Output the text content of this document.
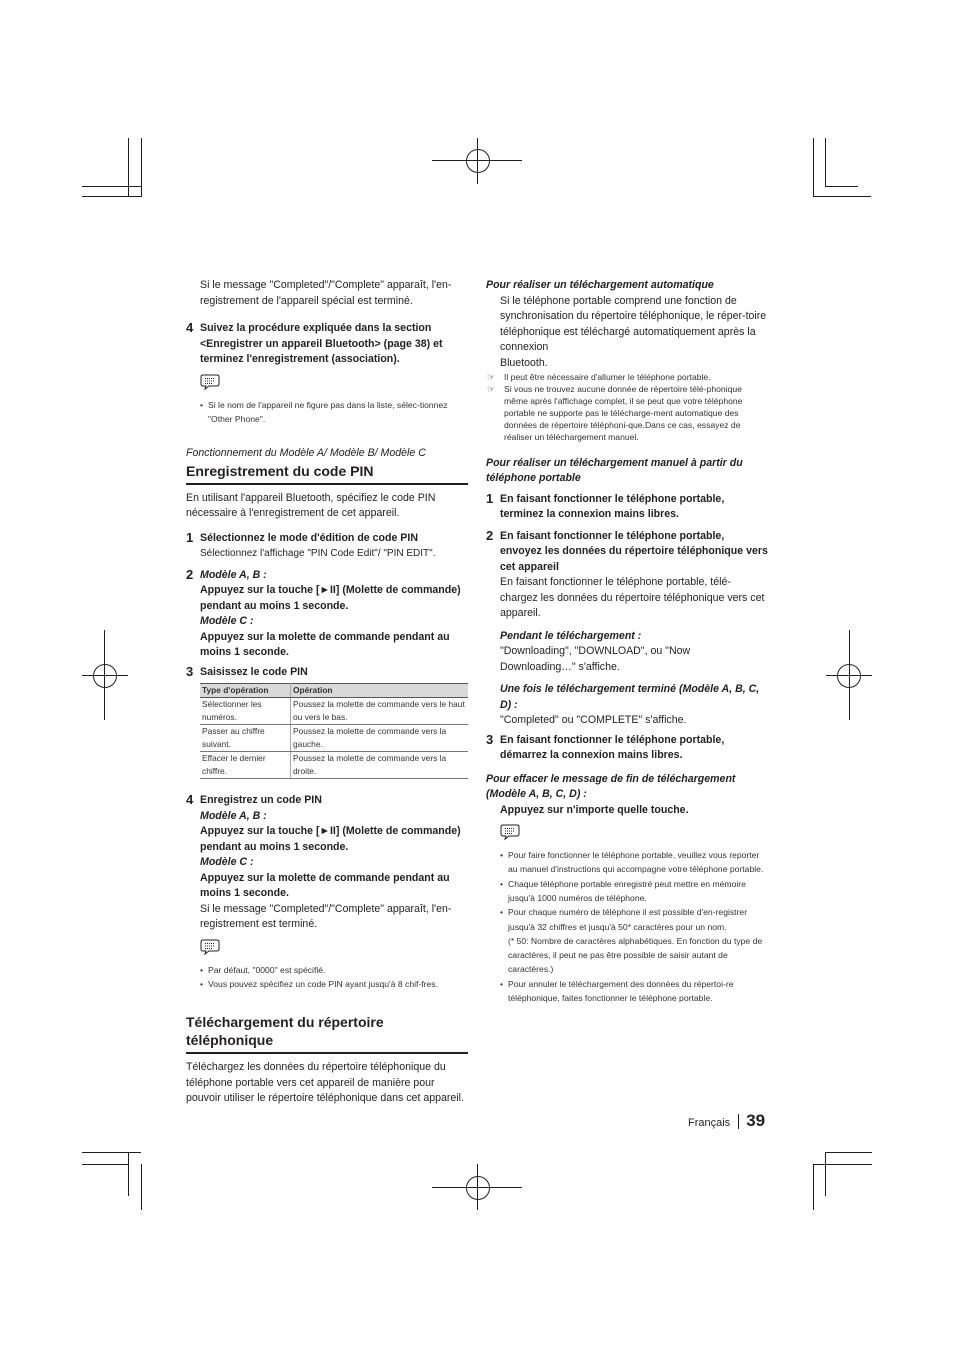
Si le message "Completed"/"Complete" apparaît, l'en-registrement de l'appareil spécial est terminé.

4 Suivez la procédure expliquée dans la section <Enregistrer un appareil Bluetooth> (page 38) et terminez l'enregistrement (association).

• Si le nom de l'appareil ne figure pas dans la liste, sélec-tionnez "Other Phone".

Fonctionnement du Modèle A/ Modèle B/ Modèle C

Enregistrement du code PIN

En utilisant l'appareil Bluetooth, spécifiez le code PIN nécessaire à l'enregistrement de cet appareil.

1 Sélectionnez le mode d'édition de code PIN
Sélectionnez l'affichage "PIN Code Edit"/ "PIN EDIT".
2 Modèle A, B :
Appuyez sur la touche [►II] (Molette de commande) pendant au moins 1 seconde.
Modèle C :
Appuyez sur la molette de commande pendant au moins 1 seconde.
3 Saisissez le code PIN
Type d'opération	Opération
Sélectionner les numéros.	Poussez la molette de commande vers le haut ou vers le bas.
Passer au chiffre suivant.	Poussez la molette de commande vers la gauche.
Effacer le dernier chiffre.	Poussez la molette de commande vers la droite.
4 Enregistrez un code PIN
Modèle A, B :
Appuyez sur la touche [►II] (Molette de commande) pendant au moins 1 seconde.
Modèle C :
Appuyez sur la molette de commande pendant au moins 1 seconde.
Si le message "Completed"/"Complete" apparaît, l'en-registrement est terminé.

• Par défaut, "0000" est spécifié.

• Vous pouvez spécifiez un code PIN ayant jusqu'à 8 chif-fres.

Téléchargement du répertoire téléphonique

Téléchargez les données du répertoire téléphonique du téléphone portable vers cet appareil de manière pour pouvoir utiliser le répertoire téléphonique dans cet appareil.

Pour réaliser un téléchargement automatique

Si le téléphone portable comprend une fonction de synchronisation du répertoire téléphonique, le réper-toire téléphonique est téléchargé automatiquement après la connexion

Bluetooth.

☞ Il peut être nécessaire d'allumer le téléphone portable.

☞ Si vous ne trouvez aucune donnée de répertoire télé-phonique même après l'affichage complet, il se peut que votre téléphone portable ne supporte pas le téléchargе-ment automatique des données de répertoire téléphoni-que.Dans ce cas, essayez de réaliser un téléchargement manuel.

Pour réaliser un téléchargement manuel à partir du téléphone portable

1 En faisant fonctionner le téléphone portable, terminez la connexion mains libres.
2 En faisant fonctionner le téléphone portable, envoyez les données du répertoire téléphonique vers cet appareil
En faisant fonctionner le téléphone portable, télé-chargez les données du répertoire téléphonique vers cet appareil.
Pendant le téléchargement :
"Downloading", "DOWNLOAD", ou "Now Downloading…" s'affiche.
Une fois le téléchargement terminé (Modèle A, B, C, D) :
"Completed" ou "COMPLETE" s'affiche.
3 En faisant fonctionner le téléphone portable, démarrez la connexion mains libres.

Pour effacer le message de fin de téléchargement (Modèle A, B, C, D) :

Appuyez sur n'importe quelle touche.

• Pour faire fonctionner le téléphone portable, veuillez vous reporter au manuel d'instructions qui accompagne votre téléphone portable.

• Chaque téléphone portable enregistré peut mettre en mémoire jusqu'à 1000 numéros de téléphone.

• Pour chaque numéro de téléphone il est possible d'en-registrer jusqu'à 32 chiffres et jusqu'à 50* caractères pour un nom.

(* 50: Nombre de caractères alphabétiques. En fonction du type de caractères, il peut ne pas être possible de saisir autant de caractères.)

• Pour annuler le téléchargement des données du répertoi-re téléphonique, faites fonctionner le téléphone portable.

Français 39
